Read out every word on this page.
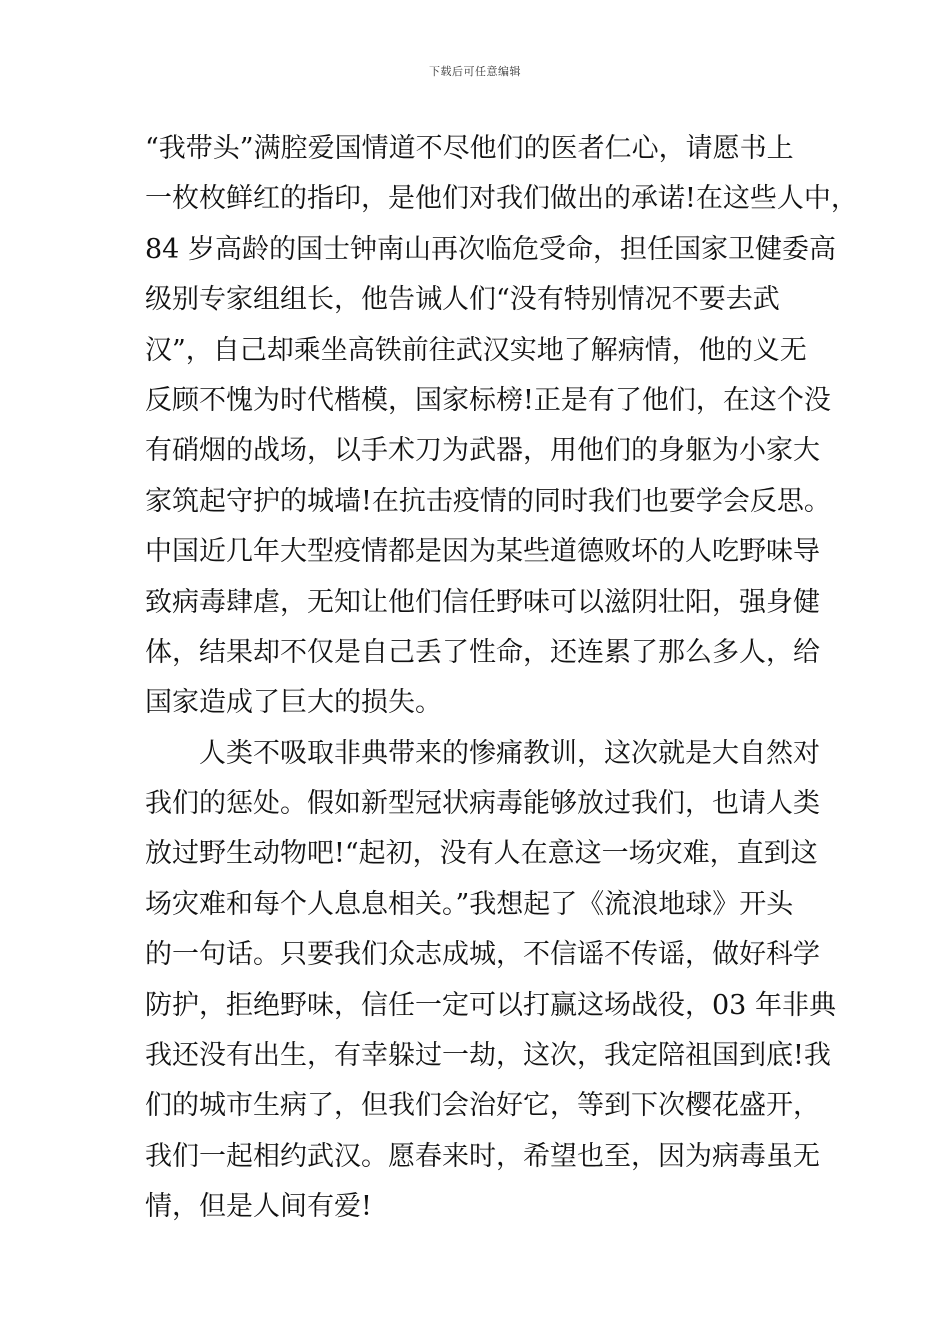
下载后可任意编辑
“我带头”满腔爱国情道不尽他们的医者仁心，请愿书上
一枚枚鲜红的指印，是他们对我们做出的承诺!在这些人中，
84 岁高龄的国士钟南山再次临危受命，担任国家卫健委高
级别专家组组长，他告诫人们“没有特别情况不要去武
汉”，自己却乘坐高铁前往武汉实地了解病情，他的义无
反顾不愧为时代楷模，国家标榜!正是有了他们，在这个没
有硝烟的战场，以手术刀为武器，用他们的身躯为小家大
家筑起守护的城墙!在抗击疫情的同时我们也要学会反思。
中国近几年大型疫情都是因为某些道德败坏的人吃野味导
致病毒肆虐，无知让他们信任野味可以滋阴壮阳，强身健
体，结果却不仅是自己丢了性命，还连累了那么多人，给
国家造成了巨大的损失。
人类不吸取非典带来的惨痛教训，这次就是大自然对
我们的惩处。假如新型冠状病毒能够放过我们，也请人类
放过野生动物吧!“起初，没有人在意这一场灾难，直到这
场灾难和每个人息息相关。”我想起了《流浪地球》开头
的一句话。只要我们众志成城，不信谣不传谣，做好科学
防护，拒绝野味，信任一定可以打赢这场战役，03 年非典
我还没有出生，有幸躲过一劫，这次，我定陪祖国到底!我
们的城市生病了，但我们会治好它，等到下次樱花盛开，
我们一起相约武汉。愿春来时，希望也至，因为病毒虽无
情，但是人间有爱!
